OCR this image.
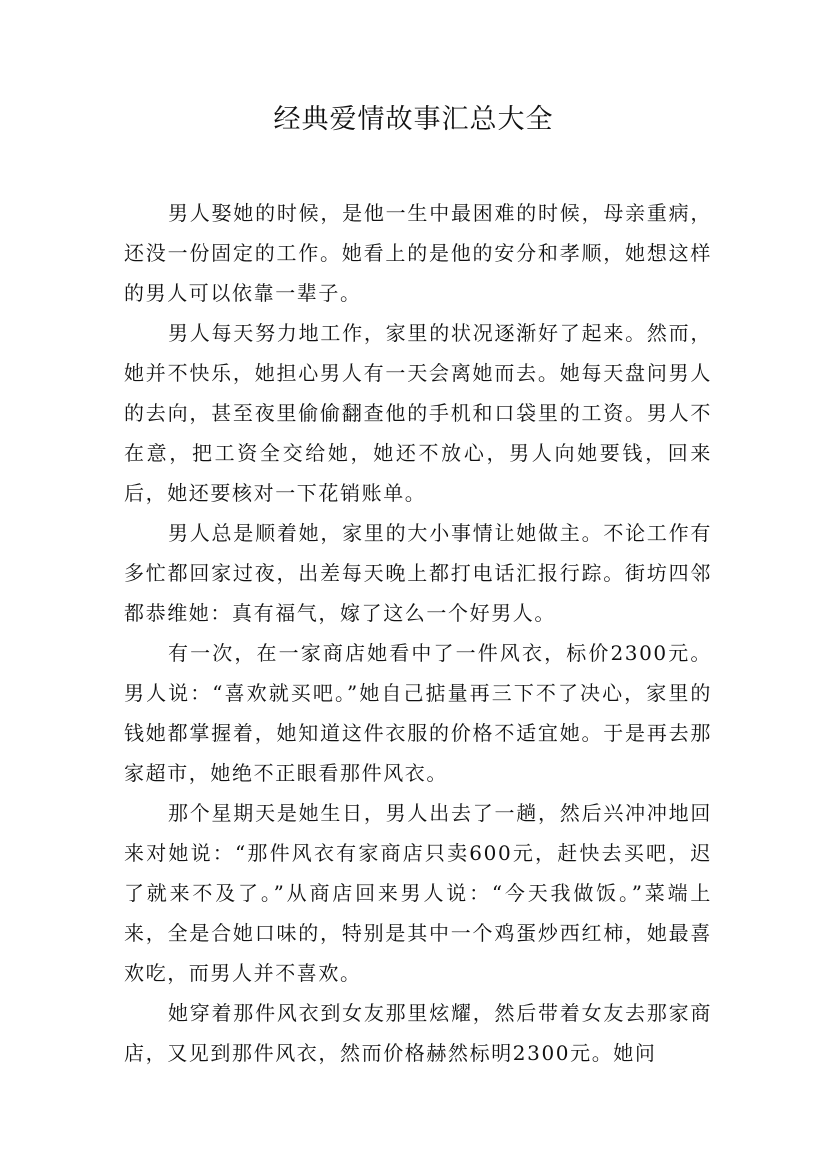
经典爱情故事汇总大全

男人娶她的时候，是他一生中最困难的时候，母亲重病，还没一份固定的工作。她看上的是他的安分和孝顺，她想这样的男人可以依靠一辈子。

男人每天努力地工作，家里的状况逐渐好了起来。然而，她并不快乐，她担心男人有一天会离她而去。她每天盘问男人的去向，甚至夜里偷偷翻查他的手机和口袋里的工资。男人不在意，把工资全交给她，她还不放心，男人向她要钱，回来后，她还要核对一下花销账单。

男人总是顺着她，家里的大小事情让她做主。不论工作有多忙都回家过夜，出差每天晚上都打电话汇报行踪。街坊四邻都恭维她：真有福气，嫁了这么一个好男人。

有一次，在一家商店她看中了一件风衣，标价2300元。男人说：“喜欢就买吧。”她自己掂量再三下不了决心，家里的钱她都掌握着，她知道这件衣服的价格不适宜她。于是再去那家超市，她绝不正眼看那件风衣。

那个星期天是她生日，男人出去了一趟，然后兴冲冲地回来对她说：“那件风衣有家商店只卖600元，赶快去买吧，迟了就来不及了。”从商店回来男人说：“今天我做饭。”菜端上来，全是合她口味的，特别是其中一个鸡蛋炒西红柿，她最喜欢吃，而男人并不喜欢。

她穿着那件风衣到女友那里炫耀，然后带着女友去那家商店，又见到那件风衣，然而价格赫然标明2300元。她问
